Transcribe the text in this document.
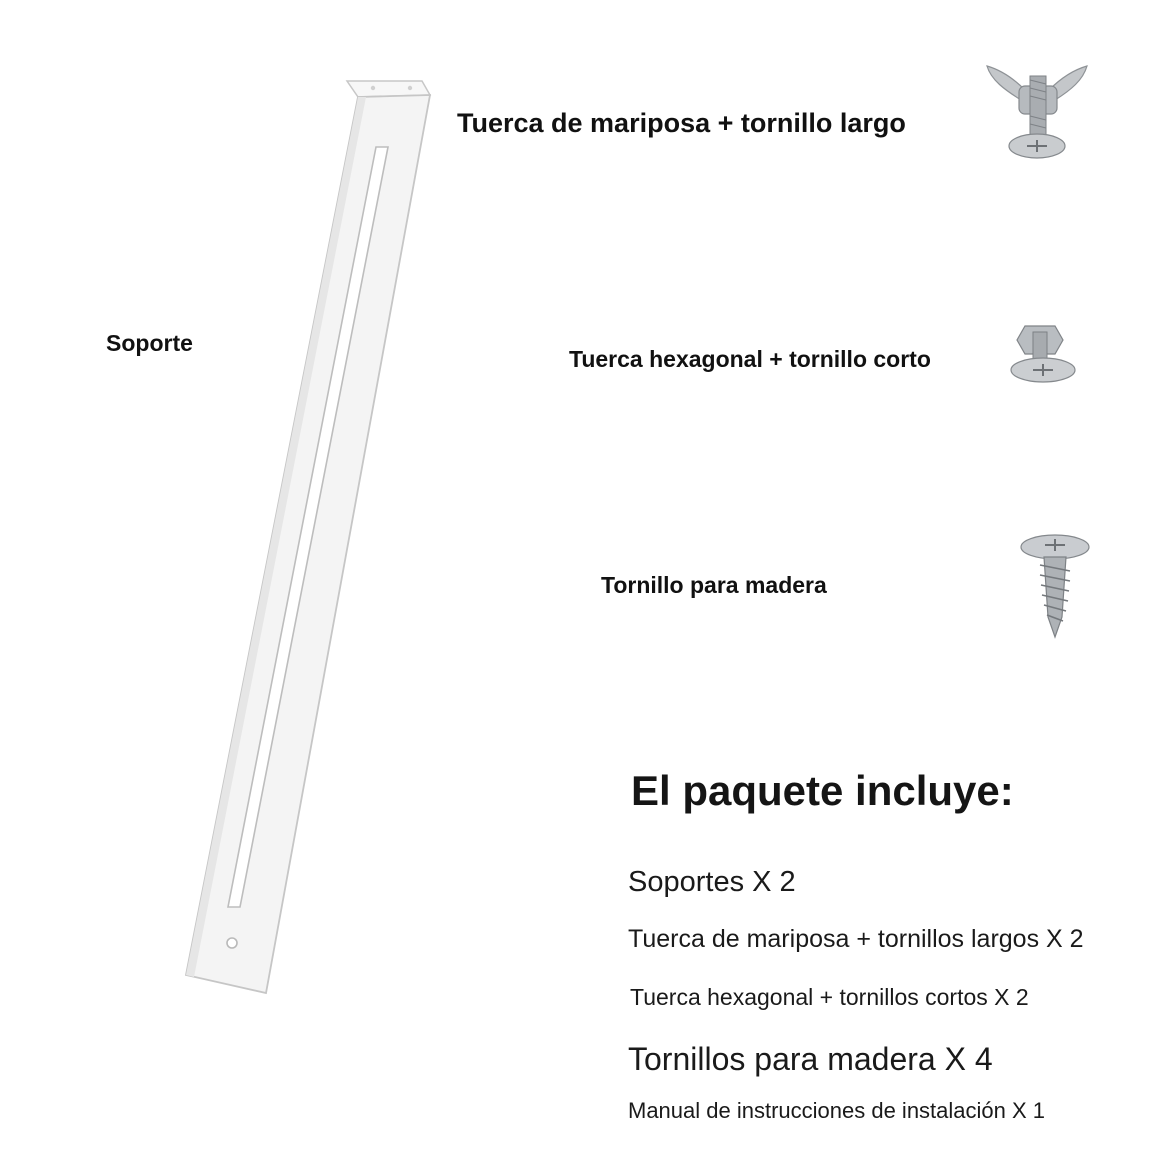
Soporte
Tuerca de mariposa + tornillo largo
Tuerca hexagonal + tornillo corto
Tornillo para madera
El paquete incluye:
Soportes X 2
Tuerca de mariposa + tornillos largos X 2
Tuerca hexagonal + tornillos cortos X 2
Tornillos para madera X 4
Manual de instrucciones de instalación X 1
